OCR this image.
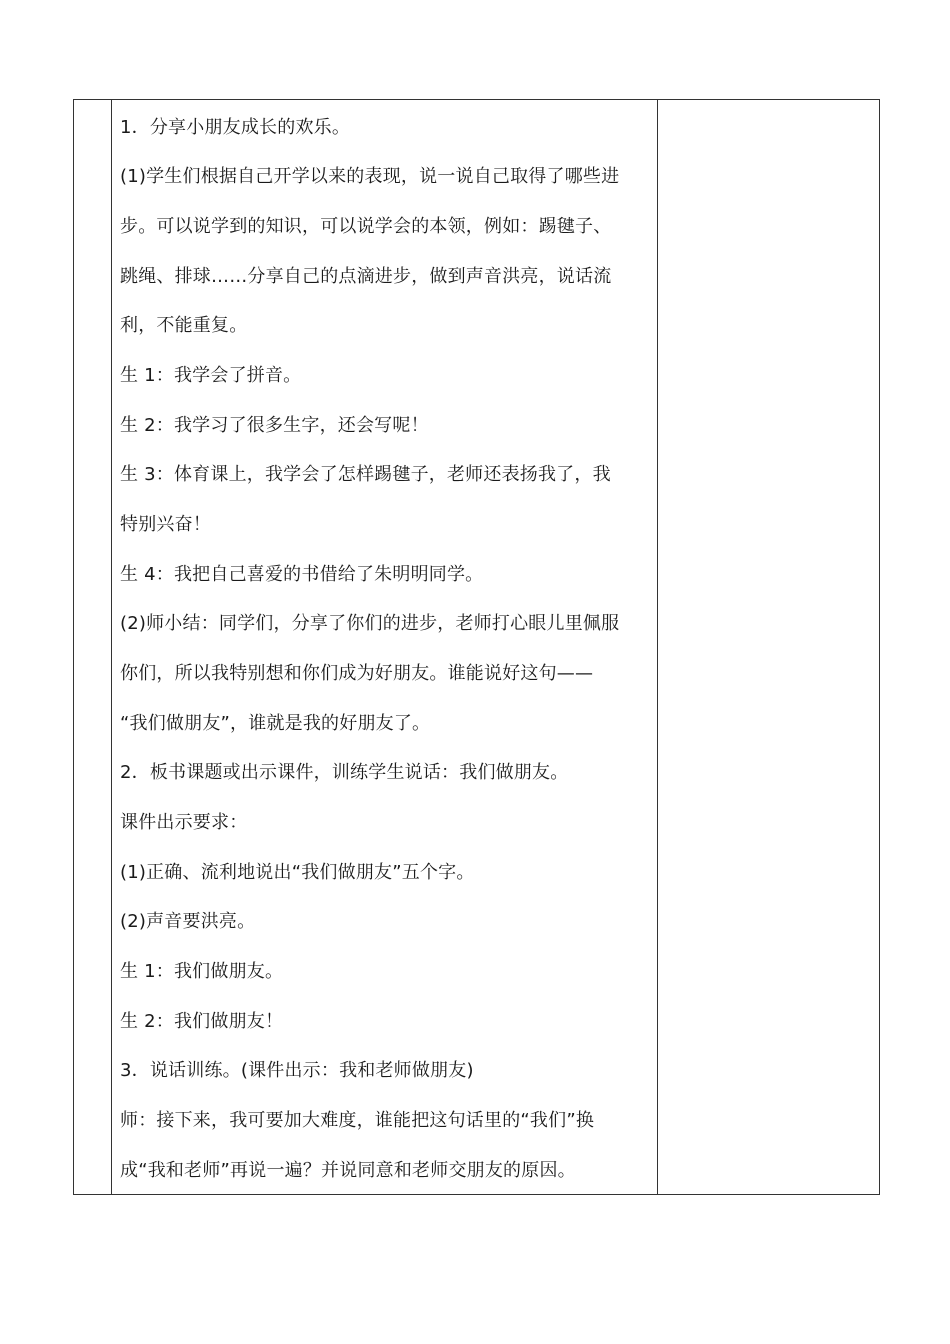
1．分享小朋友成长的欢乐。
(1)学生们根据自己开学以来的表现，说一说自己取得了哪些进
步。可以说学到的知识，可以说学会的本领，例如：踢毽子、
跳绳、排球……分享自己的点滴进步，做到声音洪亮，说话流
利，不能重复。
生 1：我学会了拼音。
生 2：我学习了很多生字，还会写呢！
生 3：体育课上，我学会了怎样踢毽子，老师还表扬我了，我
特别兴奋！
生 4：我把自己喜爱的书借给了朱明明同学。
(2)师小结：同学们，分享了你们的进步，老师打心眼儿里佩服
你们，所以我特别想和你们成为好朋友。谁能说好这句——
“我们做朋友”，谁就是我的好朋友了。
2．板书课题或出示课件，训练学生说话：我们做朋友。
课件出示要求：
(1)正确、流利地说出“我们做朋友”五个字。
(2)声音要洪亮。
生 1：我们做朋友。
生 2：我们做朋友！
3．说话训练。(课件出示：我和老师做朋友)
师：接下来，我可要加大难度，谁能把这句话里的“我们”换
成“我和老师”再说一遍？并说同意和老师交朋友的原因。
